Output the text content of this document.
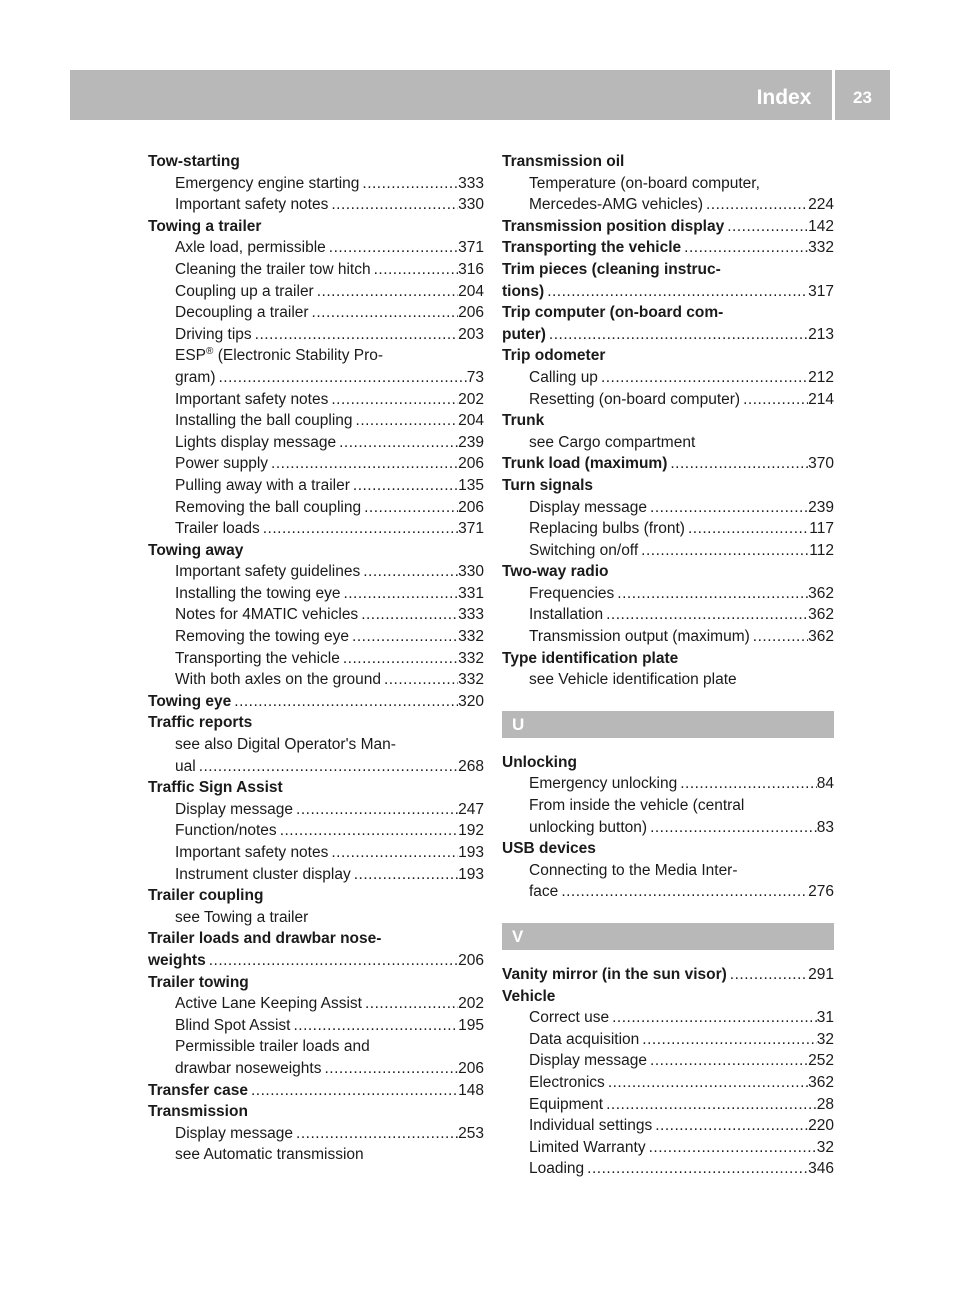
Index	23
Tow-starting
Emergency engine starting .....	333
Important safety notes .....	330
Towing a trailer
Axle load, permissible .....	371
Cleaning the trailer tow hitch .....	316
Coupling up a trailer .....	204
Decoupling a trailer .....	206
Driving tips .....	203
ESP® (Electronic Stability Pro-
gram) .....	73
Important safety notes .....	202
Installing the ball coupling .....	204
Lights display message .....	239
Power supply .....	206
Pulling away with a trailer .....	135
Removing the ball coupling .....	206
Trailer loads .....	371
Towing away
Important safety guidelines .....	330
Installing the towing eye .....	331
Notes for 4MATIC vehicles .....	333
Removing the towing eye .....	332
Transporting the vehicle .....	332
With both axles on the ground .....	332
Towing eye .....	320
Traffic reports
see also Digital Operator's Man-
ual .....	268
Traffic Sign Assist
Display message .....	247
Function/notes .....	192
Important safety notes .....	193
Instrument cluster display .....	193
Trailer coupling
see Towing a trailer
Trailer loads and drawbar nose-
weights .....	206
Trailer towing
Active Lane Keeping Assist .....	202
Blind Spot Assist .....	195
Permissible trailer loads and
drawbar noseweights .....	206
Transfer case .....	148
Transmission
Display message .....	253
see Automatic transmission
Transmission oil
Temperature (on-board computer,
Mercedes-AMG vehicles) .....	224
Transmission position display .....	142
Transporting the vehicle .....	332
Trim pieces (cleaning instruc-
tions) .....	317
Trip computer (on-board com-
puter) .....	213
Trip odometer
Calling up .....	212
Resetting (on-board computer) .....	214
Trunk
see Cargo compartment
Trunk load (maximum) .....	370
Turn signals
Display message .....	239
Replacing bulbs (front) .....	117
Switching on/off .....	112
Two-way radio
Frequencies .....	362
Installation .....	362
Transmission output (maximum) .....	362
Type identification plate
see Vehicle identification plate
U
Unlocking
Emergency unlocking .....	84
From inside the vehicle (central
unlocking button) .....	83
USB devices
Connecting to the Media Inter-
face .....	276
V
Vanity mirror (in the sun visor) .....	291
Vehicle
Correct use .....	31
Data acquisition .....	32
Display message .....	252
Electronics .....	362
Equipment .....	28
Individual settings .....	220
Limited Warranty .....	32
Loading .....	346
